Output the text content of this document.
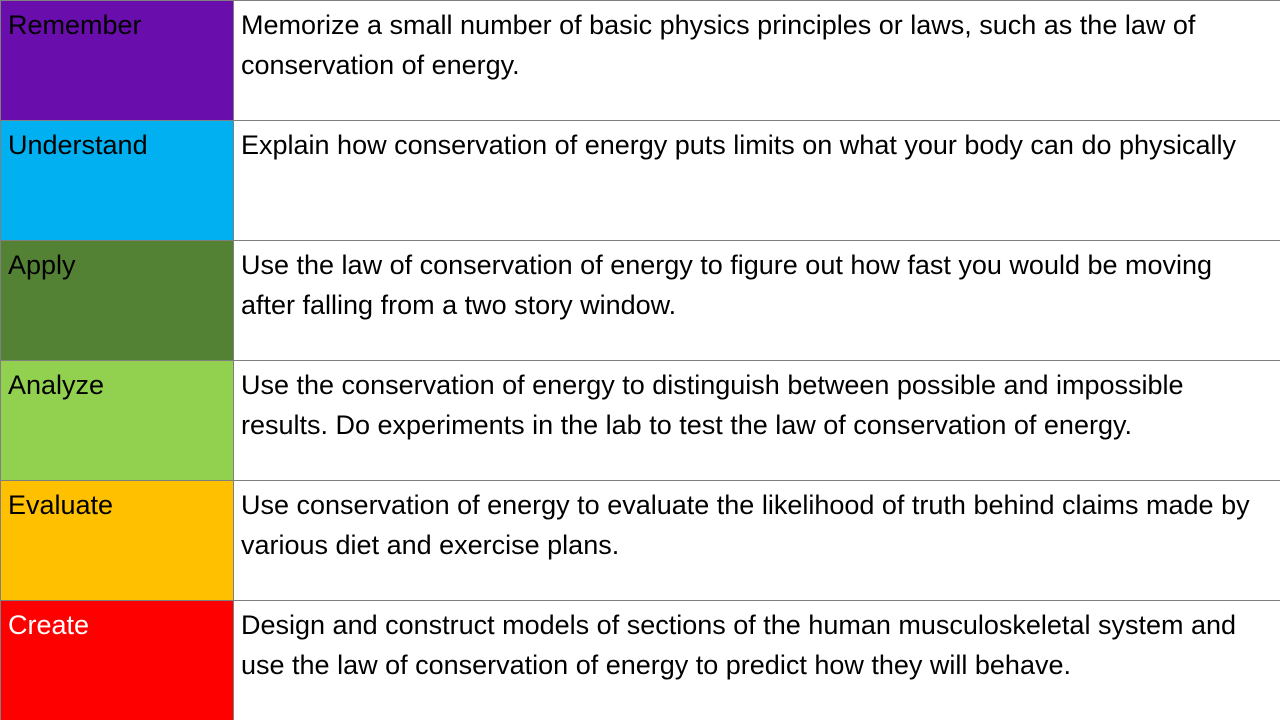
Remember	Memorize a small number of basic physics principles or laws, such as the law of conservation of energy.
Understand	Explain how conservation of energy puts limits on what your body can do physically
Apply	Use the law of conservation of energy to figure out how fast you would be moving after falling from a two story window.
Analyze	Use the conservation of energy to distinguish between possible and impossible results. Do experiments in the lab to test the law of conservation of energy.
Evaluate	Use conservation of energy to evaluate the likelihood of truth behind claims made by various diet and exercise plans.
Create	Design and construct models of sections of the human musculoskeletal system and use the law of conservation of energy to predict how they will behave.
